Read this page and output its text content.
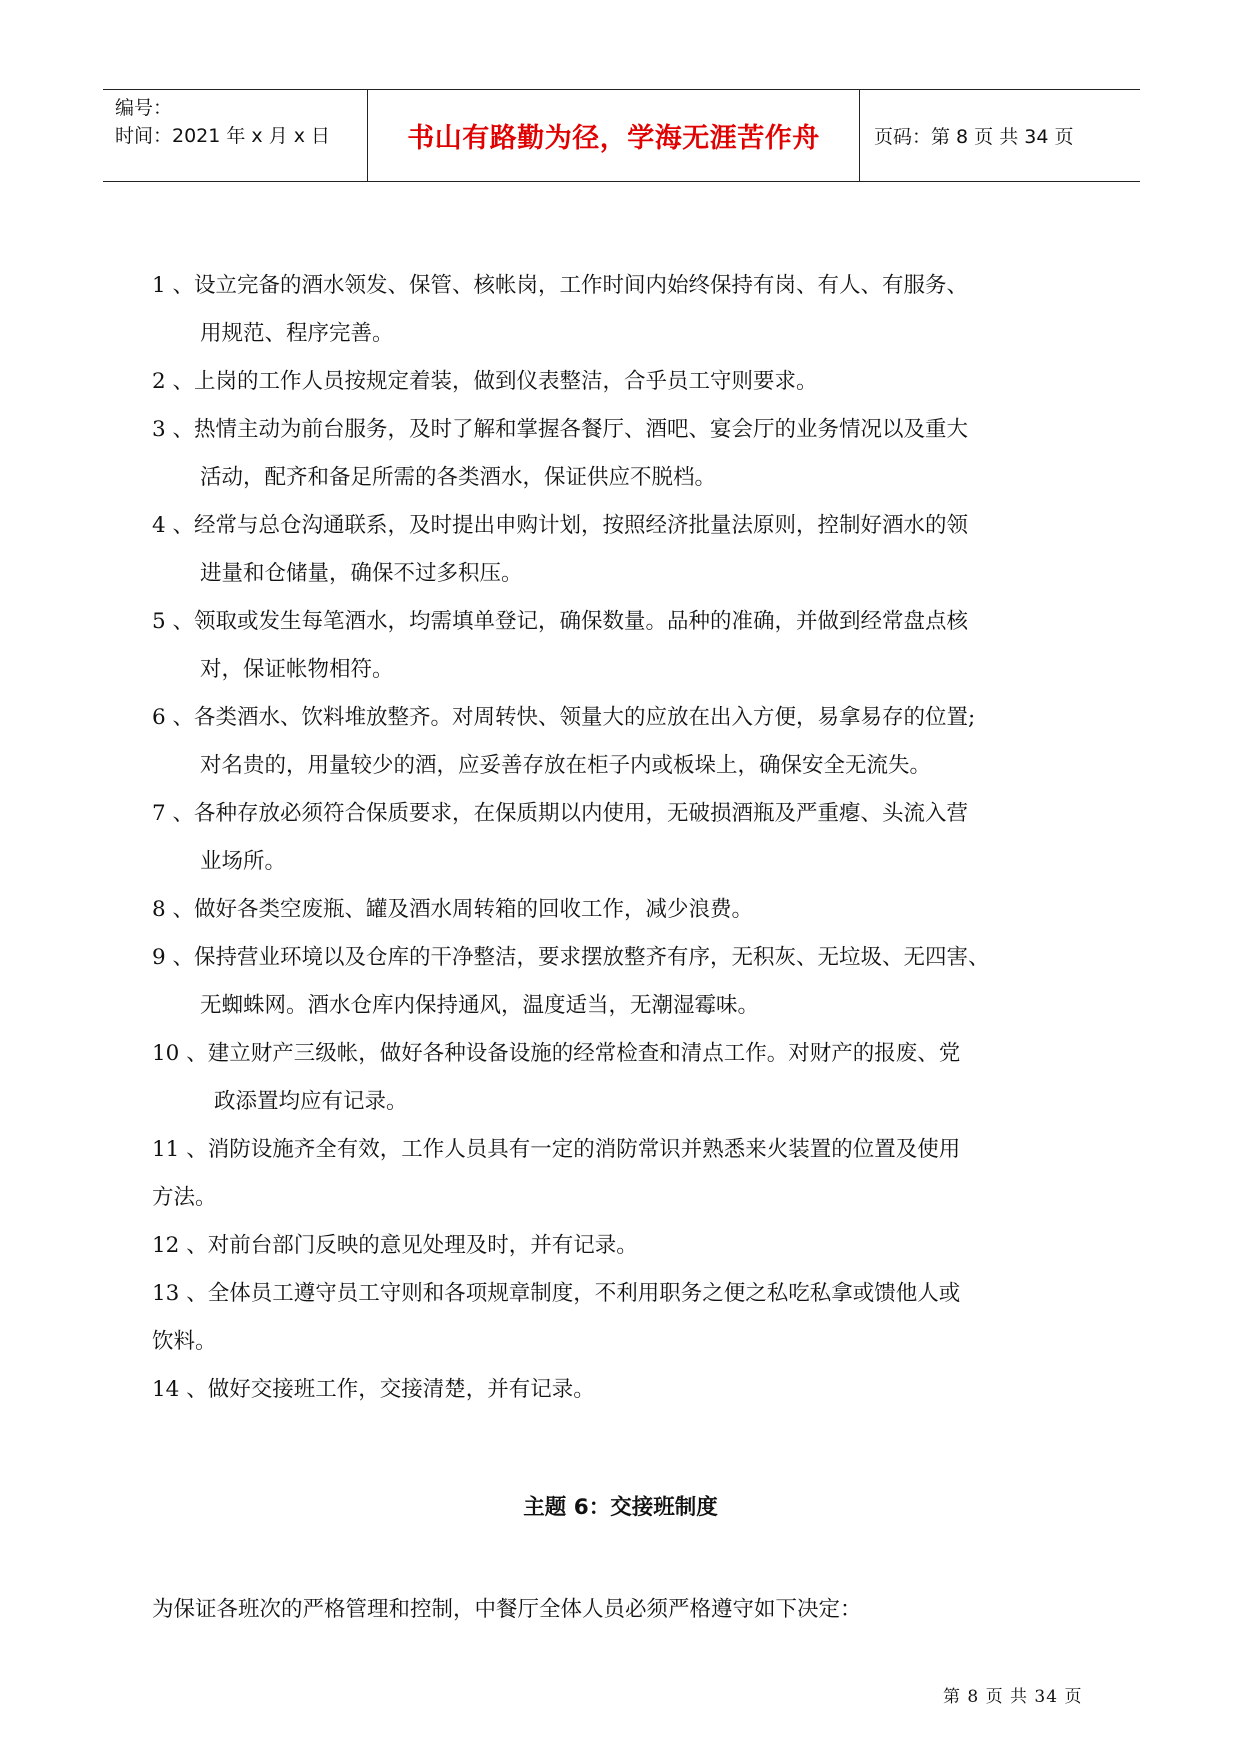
编号：
时间：2021 年 x 月 x 日	书山有路勤为径，学海无涯苦作舟	页码：第 8 页 共 34 页
1 、设立完备的酒水领发、保管、核帐岗，工作时间内始终保持有岗、有人、有服务、
用规范、程序完善。
2 、上岗的工作人员按规定着装，做到仪表整洁，合乎员工守则要求。
3 、热情主动为前台服务，及时了解和掌握各餐厅、酒吧、宴会厅的业务情况以及重大
活动，配齐和备足所需的各类酒水，保证供应不脱档。
4 、经常与总仓沟通联系，及时提出申购计划，按照经济批量法原则，控制好酒水的领
进量和仓储量，确保不过多积压。
5 、领取或发生每笔酒水，均需填单登记，确保数量。品种的准确，并做到经常盘点核
对，保证帐物相符。
6 、各类酒水、饮料堆放整齐。对周转快、领量大的应放在出入方便，易拿易存的位置;
对名贵的，用量较少的酒，应妥善存放在柜子内或板垛上，确保安全无流失。
7 、各种存放必须符合保质要求，在保质期以内使用，无破损酒瓶及严重瘪、头流入营
业场所。
8 、做好各类空废瓶、罐及酒水周转箱的回收工作，减少浪费。
9 、保持营业环境以及仓库的干净整洁，要求摆放整齐有序，无积灰、无垃圾、无四害、
无蜘蛛网。酒水仓库内保持通风，温度适当，无潮湿霉味。
10 、建立财产三级帐，做好各种设备设施的经常检查和清点工作。对财产的报废、党
政添置均应有记录。
11 、消防设施齐全有效，工作人员具有一定的消防常识并熟悉来火装置的位置及使用
方法。
12 、对前台部门反映的意见处理及时，并有记录。
13 、全体员工遵守员工守则和各项规章制度，不利用职务之便之私吃私拿或馈他人或
饮料。
14 、做好交接班工作，交接清楚，并有记录。
主题 6：交接班制度
为保证各班次的严格管理和控制，中餐厅全体人员必须严格遵守如下决定：
第 8 页 共 34 页
